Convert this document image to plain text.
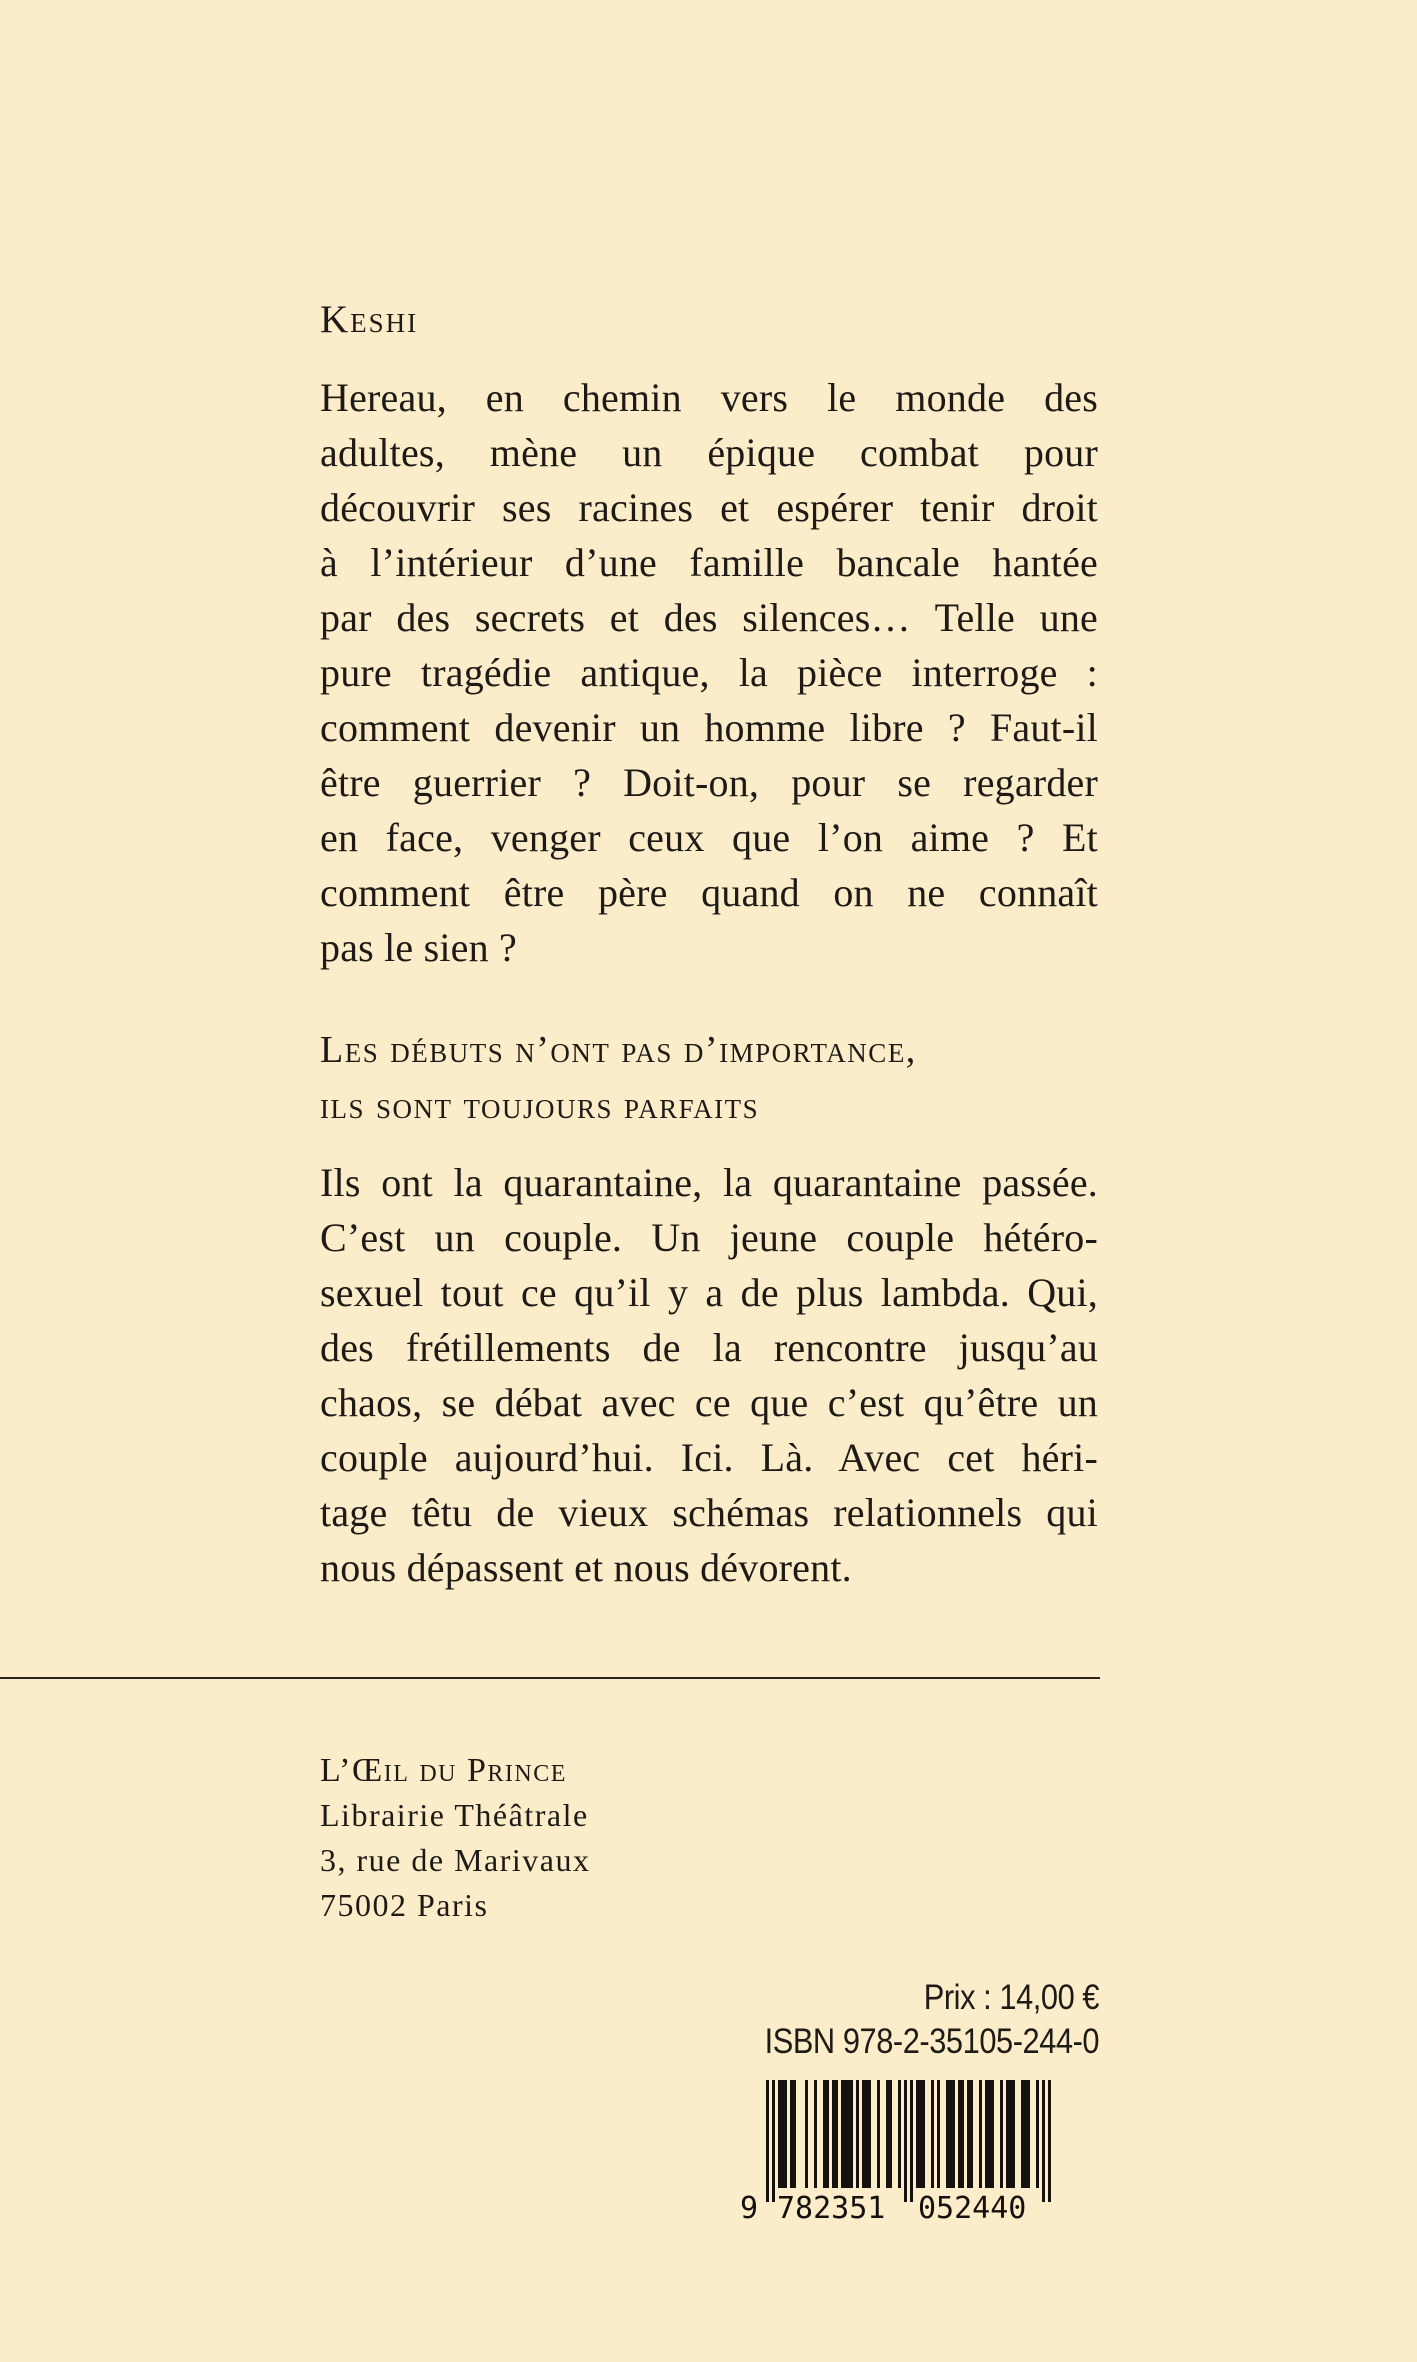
Keshi
Hereau, en chemin vers le monde des
adultes, mène un épique combat pour
découvrir ses racines et espérer tenir droit
à l’intérieur d’une famille bancale hantée
par des secrets et des silences… Telle une
pure tragédie antique, la pièce interroge :
comment devenir un homme libre ? Faut-il
être guerrier ? Doit-on, pour se regarder
en face, venger ceux que l’on aime ? Et
comment être père quand on ne connaît
pas le sien ?
Les débuts n’ont pas d’importance,
ils sont toujours parfaits
Ils ont la quarantaine, la quarantaine passée.
C’est un couple. Un jeune couple hétéro-
sexuel tout ce qu’il y a de plus lambda. Qui,
des frétillements de la rencontre jusqu’au
chaos, se débat avec ce que c’est qu’être un
couple aujourd’hui. Ici. Là. Avec cet héri-
tage têtu de vieux schémas relationnels qui
nous dépassent et nous dévorent.
L’Œil du Prince
Librairie Théâtrale
3, rue de Marivaux
75002 Paris
Prix : 14,00 €
ISBN 978-2-35105-244-0
9 782351 052440
